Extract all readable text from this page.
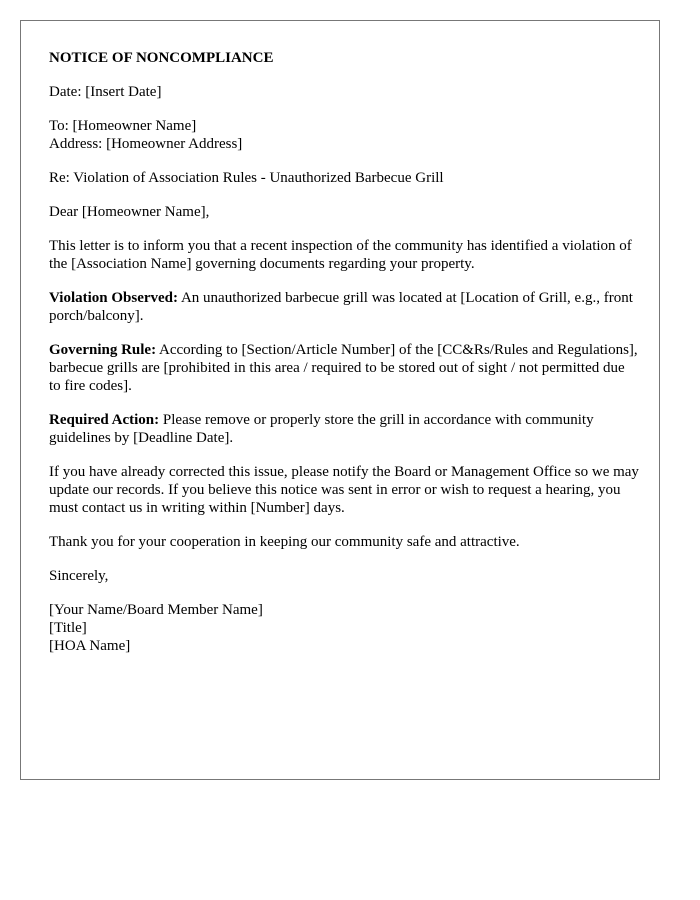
NOTICE OF NONCOMPLIANCE

Date: [Insert Date]

To: [Homeowner Name]
Address: [Homeowner Address]

Re: Violation of Association Rules - Unauthorized Barbecue Grill

Dear [Homeowner Name],

This letter is to inform you that a recent inspection of the community has identified a violation of the [Association Name] governing documents regarding your property.

Violation Observed: An unauthorized barbecue grill was located at [Location of Grill, e.g., front porch/balcony].

Governing Rule: According to [Section/Article Number] of the [CC&Rs/Rules and Regulations], barbecue grills are [prohibited in this area / required to be stored out of sight / not permitted due to fire codes].

Required Action: Please remove or properly store the grill in accordance with community guidelines by [Deadline Date].

If you have already corrected this issue, please notify the Board or Management Office so we may update our records. If you believe this notice was sent in error or wish to request a hearing, you must contact us in writing within [Number] days.

Thank you for your cooperation in keeping our community safe and attractive.

Sincerely,

[Your Name/Board Member Name]
[Title]
[HOA Name]
